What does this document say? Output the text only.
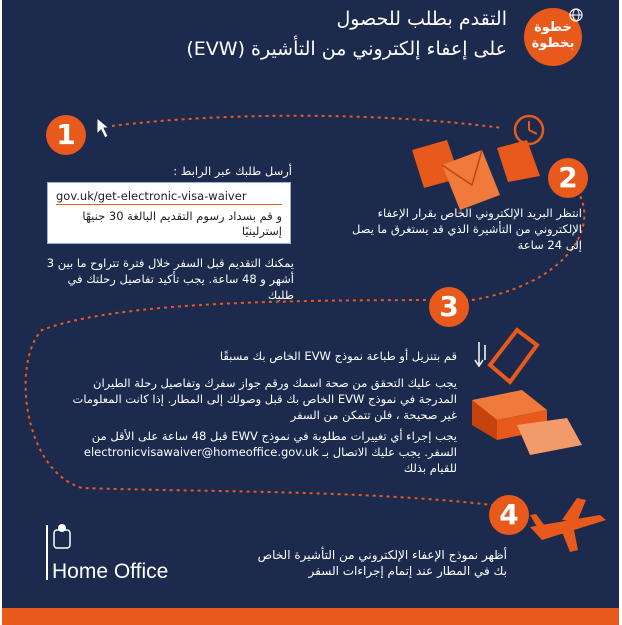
التقدم بطلب للحصول
على إعفاء إلكتروني من التأشيرة (EVW)
خطوة
بخطوة
1
أرسل طلبك عبر الرابط :
gov.uk/get-electronic-visa-waiver
و قم بسداد رسوم التقديم البالغة 30 جنيهًا إسترلينيًا
يمكنك التقديم قبل السفر خلال فترة تتراوح ما بين 3 أشهر و 48 ساعة. يجب تأكيد تفاصيل رحلتك في طلبك
2
انتظر البريد الإلكتروني الخاص بقرار الإعفاء الإلكتروني من التأشيرة الذي قد يستغرق ما يصل إلى 24 ساعة
3
قم بتنزيل أو طباعة نموذج EVW الخاص بك مسبقًا
يجب عليك التحقق من صحة اسمك ورقم جواز سفرك وتفاصيل رحلة الطيران المدرجة في نموذج EVW الخاص بك قبل وصولك إلى المطار. إذا كانت المعلومات غير صحيحة ، فلن تتمكن من السفر
يجب إجراء أي تغييرات مطلوبة في نموذج EWV قبل 48 ساعة على الأقل من السفر. يجب عليك الاتصال بـ electronicvisawaiver@homeoffice.gov.uk للقيام بذلك
4
أظهر نموذج الإعفاء الإلكتروني من التأشيرة الخاص بك في المطار عند إتمام إجراءات السفر
Home Office
